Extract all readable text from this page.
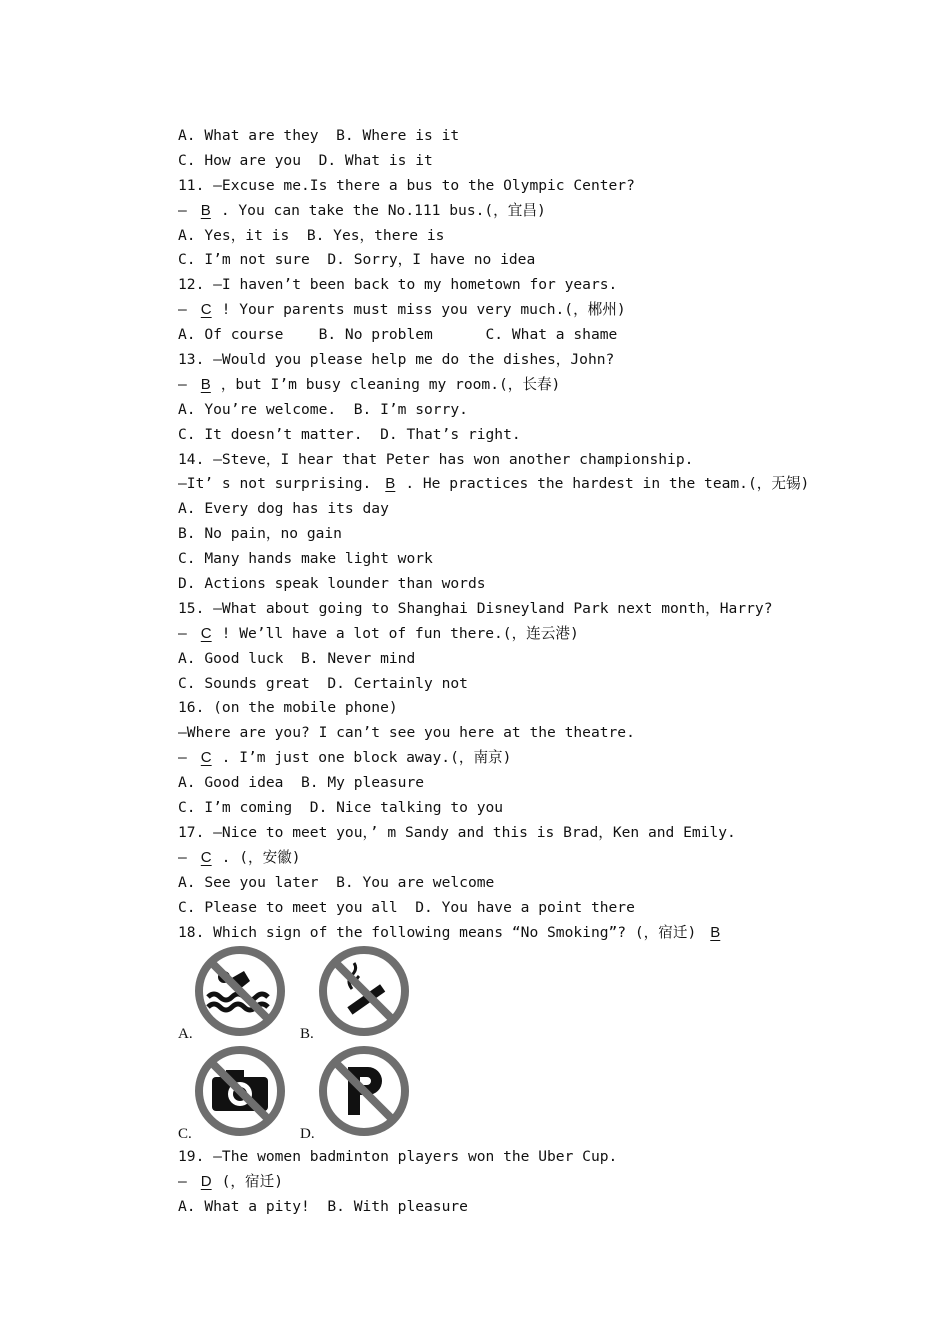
A. What are they  B. Where is it
C. How are you  D. What is it
11. —Excuse me.Is there a bus to the Olympic Center?
— B . You can take the No.111 bus.(，宜昌)
A. Yes，it is  B. Yes，there is
C. I’m not sure  D. Sorry，I have no idea
12. —I haven’t been back to my hometown for years.
— C ! Your parents must miss you very much.(，郴州)
A. Of course    B. No problem      C. What a shame
13. —Would you please help me do the dishes，John?
— B ，but I’m busy cleaning my room.(，长春)
A. You’re welcome.  B. I’m sorry.
C. It doesn’t matter.  D. That’s right.
14. —Steve，I hear that Peter has won another championship.
—It’ s not surprising. B . He practices the hardest in the team.(，无锡)
A. Every dog has its day
B. No pain，no gain
C. Many hands make light work
D. Actions speak lounder than words
15. —What about going to Shanghai Disneyland Park next month，Harry?
— C ! We’ll have a lot of fun there.(，连云港)
A. Good luck  B. Never mind
C. Sounds great  D. Certainly not
16. (on the mobile phone)
—Where are you? I can’t see you here at the theatre.
— C . I’m just one block away.(，南京)
A. Good idea  B. My pleasure
C. I’m coming  D. Nice talking to you
17. —Nice to meet you，’ m Sandy and this is Brad，Ken and Emily.
— C . (，安徽)
A. See you later  B. You are welcome
C. Please to meet you all  D. You have a point there
18. Which sign of the following means “No Smoking”? (，宿迁) B
A.	B.
C.	D.
19. —The women badminton players won the Uber Cup.
— D (，宿迁)
A. What a pity!  B. With pleasure
